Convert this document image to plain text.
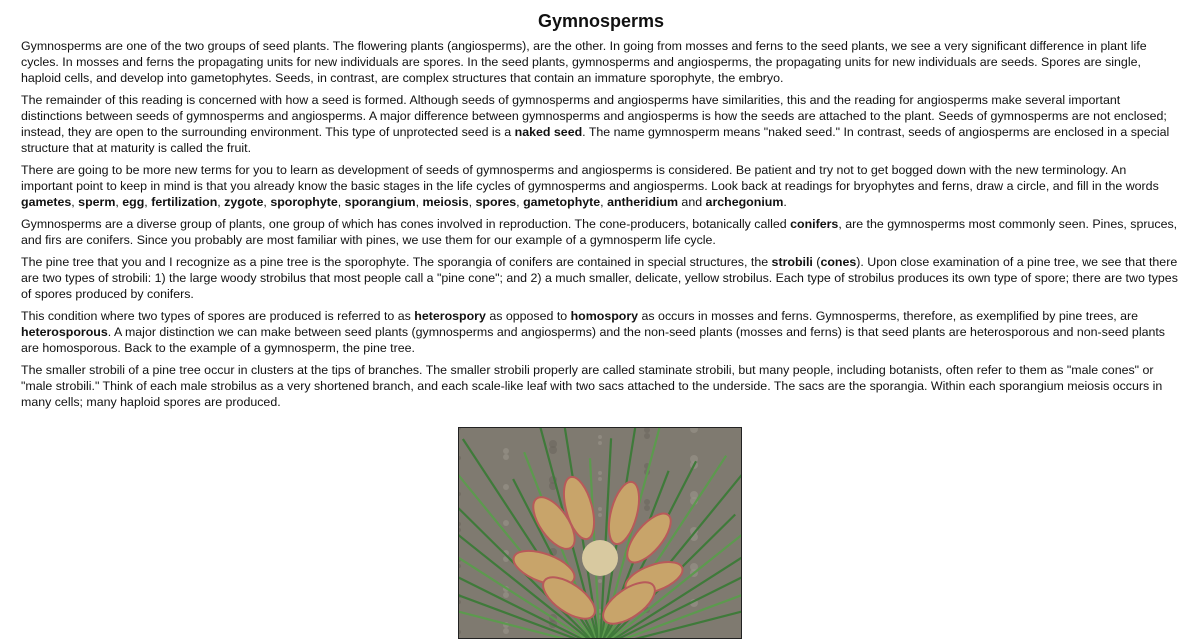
Gymnosperms

Gymnosperms are one of the two groups of seed plants. The flowering plants (angiosperms), are the other. In going from mosses and ferns to the seed plants, we see a very significant difference in plant life cycles. In mosses and ferns the propagating units for new individuals are spores. In the seed plants, gymnosperms and angiosperms, the propagating units for new individuals are seeds. Spores are single, haploid cells, and develop into gametophytes. Seeds, in contrast, are complex structures that contain an immature sporophyte, the embryo.

The remainder of this reading is concerned with how a seed is formed. Although seeds of gymnosperms and angiosperms have similarities, this and the reading for angiosperms make several important distinctions between seeds of gymnosperms and angiosperms. A major difference between gymnosperms and angiosperms is how the seeds are attached to the plant. Seeds of gymnosperms are not enclosed; instead, they are open to the surrounding environment. This type of unprotected seed is a naked seed. The name gymnosperm means "naked seed." In contrast, seeds of angiosperms are enclosed in a special structure that at maturity is called the fruit.

There are going to be more new terms for you to learn as development of seeds of gymnosperms and angiosperms is considered. Be patient and try not to get bogged down with the new terminology. An important point to keep in mind is that you already know the basic stages in the life cycles of gymnosperms and angiosperms. Look back at readings for bryophytes and ferns, draw a circle, and fill in the words gametes, sperm, egg, fertilization, zygote, sporophyte, sporangium, meiosis, spores, gametophyte, antheridium and archegonium.

Gymnosperms are a diverse group of plants, one group of which has cones involved in reproduction. The cone-producers, botanically called conifers, are the gymnosperms most commonly seen. Pines, spruces, and firs are conifers. Since you probably are most familiar with pines, we use them for our example of a gymnosperm life cycle.

The pine tree that you and I recognize as a pine tree is the sporophyte. The sporangia of conifers are contained in special structures, the strobili (cones). Upon close examination of a pine tree, we see that there are two types of strobili: 1) the large woody strobilus that most people call a "pine cone"; and 2) a much smaller, delicate, yellow strobilus. Each type of strobilus produces its own type of spore; there are two types of spores produced by conifers.

This condition where two types of spores are produced is referred to as heterospory as opposed to homospory as occurs in mosses and ferns. Gymnosperms, therefore, as exemplified by pine trees, are heterosporous. A major distinction we can make between seed plants (gymnosperms and angiosperms) and the non-seed plants (mosses and ferns) is that seed plants are heterosporous and non-seed plants are homosporous. Back to the example of a gymnosperm, the pine tree.

The smaller strobili of a pine tree occur in clusters at the tips of branches. The smaller strobili properly are called staminate strobili, but many people, including botanists, often refer to them as "male cones" or "male strobili." Think of each male strobilus as a very shortened branch, and each scale-like leaf with two sacs attached to the underside. The sacs are the sporangia. Within each sporangium meiosis occurs in many cells; many haploid spores are produced.
